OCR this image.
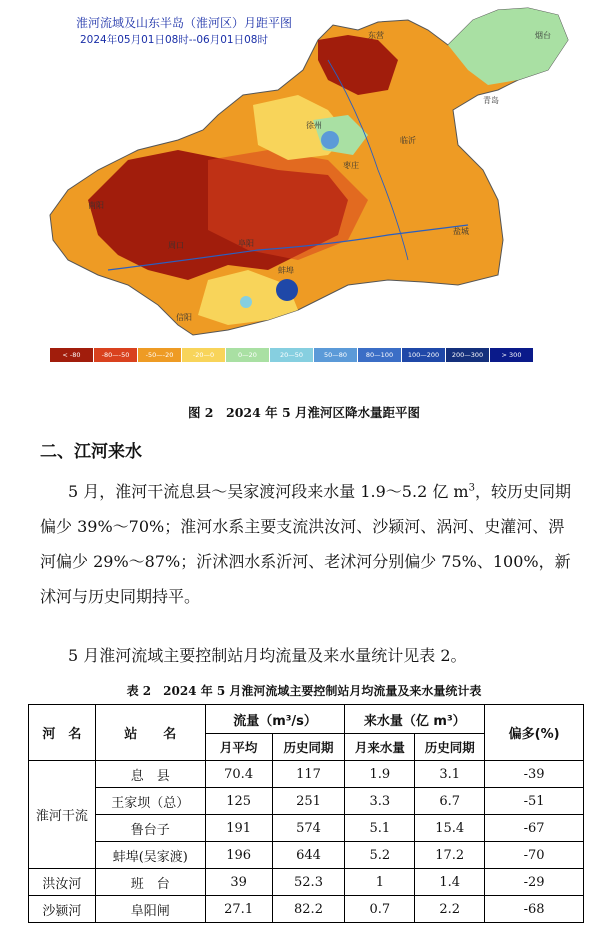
淮河流域及山东半岛（淮河区）月距平图
2024年05月01日08时--06月01日08时	东营	烟台
临沂
枣庄
阜阳
南阳
信阳
盐城
青岛
周口
蚌埠
徐州
< -80	-80—-50	-50—-20	-20—0	0—20	20—50	50—80	80—100 100—200 200—300	> 300
图 2　2024 年 5 月淮河区降水量距平图
二、江河来水

5 月，淮河干流息县～吴家渡河段来水量 1.9～5.2 亿 $m^3$，较历史同期偏少 39%～70%；淮河水系主要支流洪汝河、沙颍河、涡河、史灌河、淠河偏少 29%～87%；沂沭泗水系沂河、老沭河分别偏少 75%、100%，新沭河与历史同期持平。

5 月淮河流域主要控制站月均流量及来水量统计见表 2。

表 2　2024 年 5 月淮河流域主要控制站月均流量及来水量统计表
河　名	站　　名	流量（m³/s）		来水量（亿 m³）		偏多(%)
		月平均	历史同期	月来水量	历史同期	
淮河干流	息　县	70.4	117	1.9	3.1	-39
	王家坝（总）	125	251	3.3	6.7	-51
	鲁台子	191	574	5.1	15.4	-67
	蚌埠(吴家渡)	196	644	5.2	17.2	-70
洪汝河	班　台	39	52.3	1	1.4	-29
沙颍河	阜阳闸	27.1	82.2	0.7	2.2	-68
